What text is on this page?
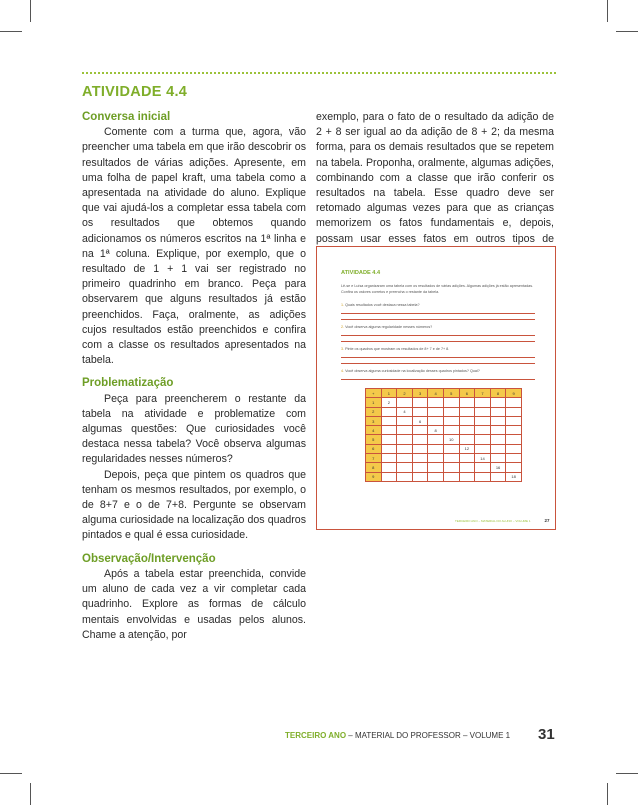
ATIVIDADE 4.4

Conversa inicial

Comente com a turma que, agora, vão preencher uma tabela em que irão descobrir os resultados de várias adições. Apresente, em uma folha de papel kraft, uma tabela como a apresentada na atividade do aluno. Explique que vai ajudá-los a completar essa tabela com os resultados que obtemos quando adicionamos os números escritos na 1ª linha e na 1ª coluna. Explique, por exemplo, que o resultado de 1 + 1 vai ser registrado no primeiro quadrinho em branco. Peça para observarem que alguns resultados já estão preenchidos. Faça, oralmente, as adições cujos resultados estão preenchidos e confira com a classe os resultados apresentados na tabela.

Problematização

Peça para preencherem o restante da tabela na atividade e problematize com algumas questões: Que curiosidades você destaca nessa tabela? Você observa algumas regularidades nesses números?

Depois, peça que pintem os quadros que tenham os mesmos resultados, por exemplo, o de 8+7 e o de 7+8. Pergunte se observam alguma curiosidade na localização dos quadros pintados e qual é essa curiosidade.

Observação/Intervenção

Após a tabela estar preenchida, convide um aluno de cada vez a vir completar cada quadrinho. Explore as formas de cálculo mentais envolvidas e usadas pelos alunos. Chame a atenção, por

exemplo, para o fato de o resultado da adição de 2 + 8 ser igual ao da adição de 8 + 2; da mesma forma, para os demais resultados que se repetem na tabela. Proponha, oralmente, algumas adições, combinando com a classe que irão conferir os resultados na tabela. Esse quadro deve ser retomado algumas vezes para que as crianças memorizem os fatos fundamentais e, depois, possam usar esses fatos em outros tipos de

ATIVIDADE 4.4
Lê-se e Luísa organizaram uma tabela com os resultados de várias adições. Algumas adições já estão apresentadas. Confira os valores corretos e preencha o restante da tabela.
1. Quais resultados você destaca nessa tabela?
2. Você observa alguma regularidade nesses números?
3. Pinte os quadros que mostram os resultados de 8+ 7 e de 7+ 8.
4. Você observa alguma curiosidade na localização desses quadros pintados? Qual?
+	1	2	3	4	5	6	7	8	9
1	2								
2		4							
3			6						
4				8					
5					10				
6						12			
7							14		
8								16	
9									18
TERCEIRO ANO – MATERIAL DO ALUNO – VOLUME 1	27
TERCEIRO ANO – MATERIAL DO PROFESSOR – VOLUME 1 31
